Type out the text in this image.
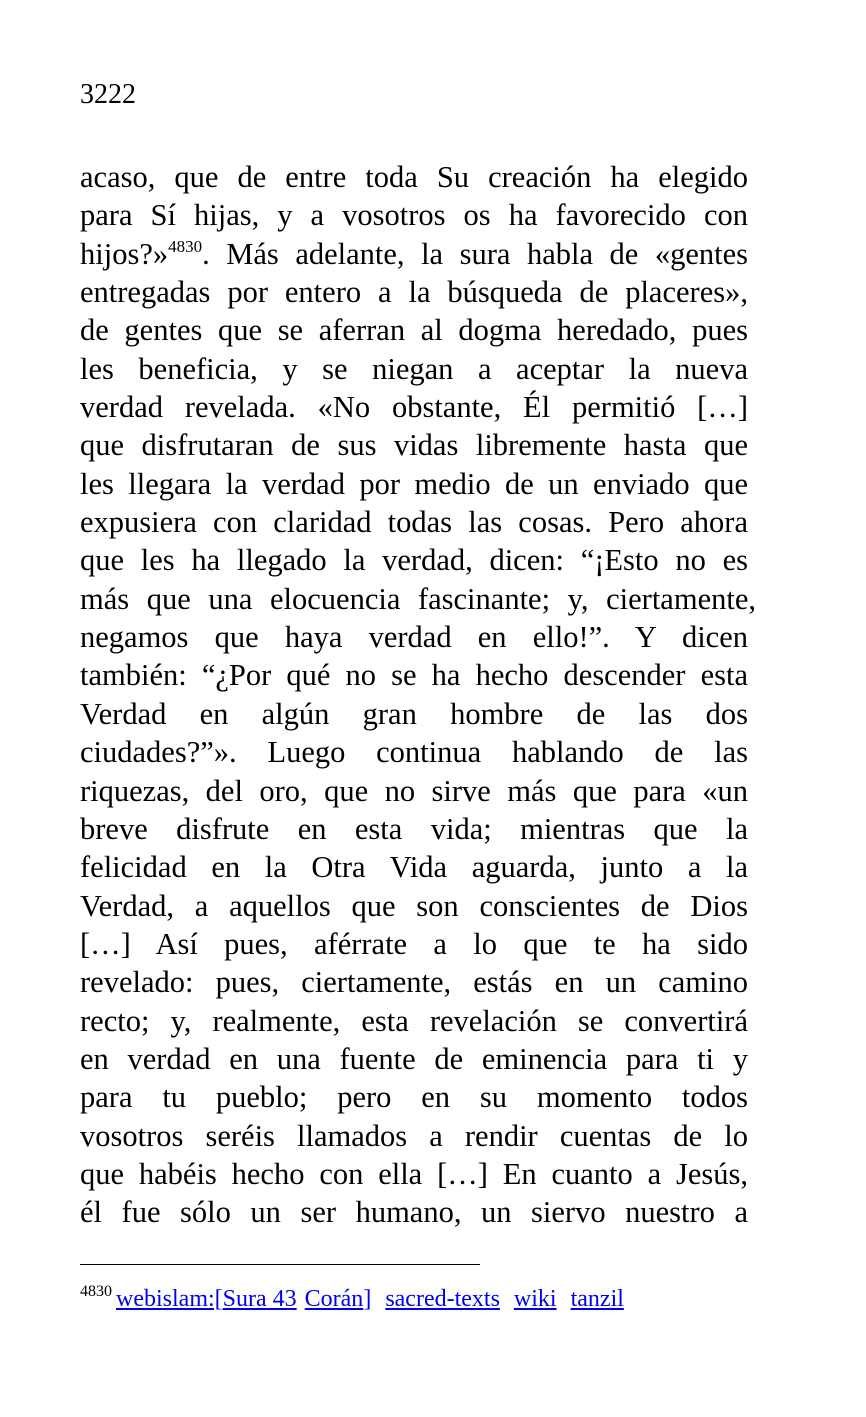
3222
acaso, que de entre toda Su creación ha elegido
para Sí hijas, y a vosotros os ha favorecido con
hijos?»$^{4830}$. Más adelante, la sura habla de «gentes
entregadas por entero a la búsqueda de placeres»,
de gentes que se aferran al dogma heredado, pues
les beneficia, y se niegan a aceptar la nueva
verdad revelada. «No obstante, Él permitió […]
que disfrutaran de sus vidas libremente hasta que
les llegara la verdad por medio de un enviado que
expusiera con claridad todas las cosas. Pero ahora
que les ha llegado la verdad, dicen: “¡Esto no es
más que una elocuencia fascinante; y, ciertamente,
negamos que haya verdad en ello!”. Y dicen
también: “¿Por qué no se ha hecho descender esta
Verdad en algún gran hombre de las dos
ciudades?”». Luego continua hablando de las
riquezas, del oro, que no sirve más que para «un
breve disfrute en esta vida; mientras que la
felicidad en la Otra Vida aguarda, junto a la
Verdad, a aquellos que son conscientes de Dios
[…] Así pues, aférrate a lo que te ha sido
revelado: pues, ciertamente, estás en un camino
recto; y, realmente, esta revelación se convertirá
en verdad en una fuente de eminencia para ti y
para tu pueblo; pero en su momento todos
vosotros seréis llamados a rendir cuentas de lo
que habéis hecho con ella […] En cuanto a Jesús,
él fue sólo un ser humano, un siervo nuestro a
$^{4830}$ webislam:[Sura 43 Corán] sacred-texts wiki tanzil
